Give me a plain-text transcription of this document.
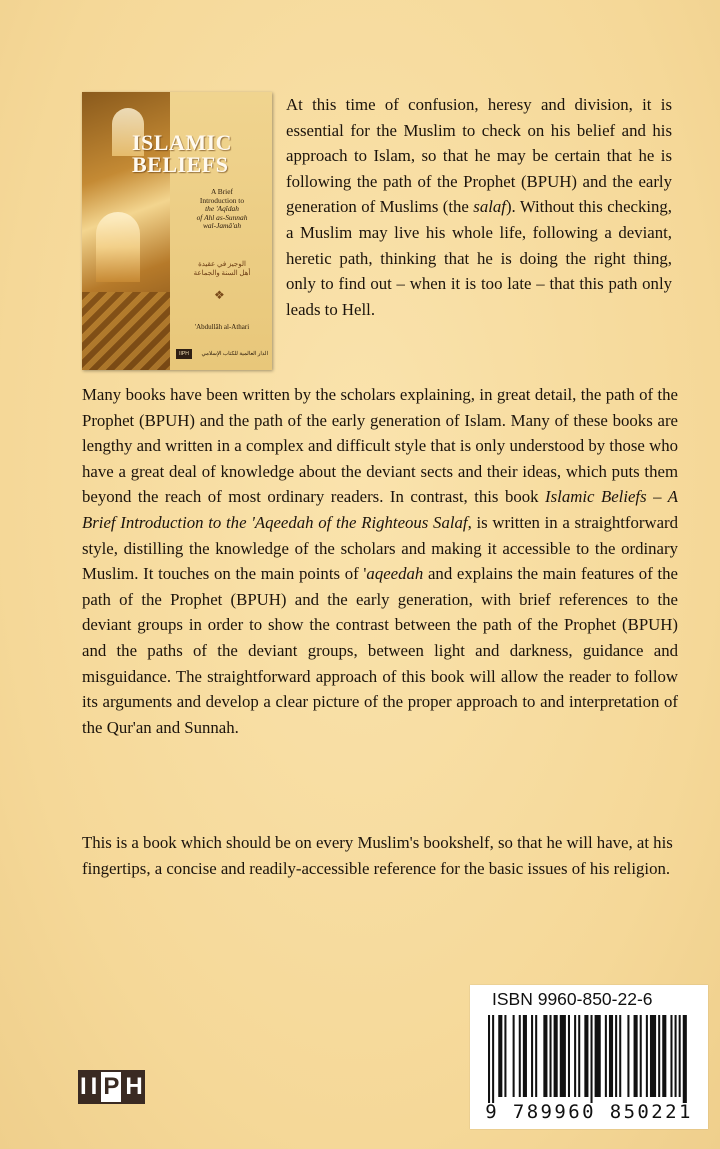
ISLAMIC
BELIEFS
A Brief
Introduction to
the 'Aqîdah
of Ahl as-Sunnah
wal-Jamâ'ah
الوجيز في عقيدة
أهل السنة والجماعة
❖
'Abdullâh al-Athari
IIPH	الدار العالمية للكتاب الإسلامي

At this time of confusion, heresy and division, it is essential for the Muslim to check on his belief and his approach to Islam, so that he may be certain that he is following the path of the Prophet (BPUH) and the early generation of Muslims (the salaf). Without this checking, a Muslim may live his whole life, following a deviant, heretic path, thinking that he is doing the right thing, only to find out – when it is too late – that this path only leads to Hell.

Many books have been written by the scholars explaining, in great detail, the path of the Prophet (BPUH) and the path of the early generation of Islam. Many of these books are lengthy and written in a complex and difficult style that is only understood by those who have a great deal of knowledge about the deviant sects and their ideas, which puts them beyond the reach of most ordinary readers. In contrast, this book Islamic Beliefs – A Brief Introduction to the 'Aqeedah of the Righteous Salaf, is written in a straightforward style, distilling the knowledge of the scholars and making it accessible to the ordinary Muslim. It touches on the main points of 'aqeedah and explains the main features of the path of the Prophet (BPUH) and the early generation, with brief references to the deviant groups in order to show the contrast between the path of the Prophet (BPUH) and the paths of the deviant groups, between light and darkness, guidance and misguidance. The straightforward approach of this book will allow the reader to follow its arguments and develop a clear picture of the proper approach to and interpretation of the Qur'an and Sunnah.

This is a book which should be on every Muslim's bookshelf, so that he will have, at his fingertips, a concise and readily-accessible reference for the basic issues of his religion.

I I P H
ISBN 9960-850-22-6
9 789960 850221
